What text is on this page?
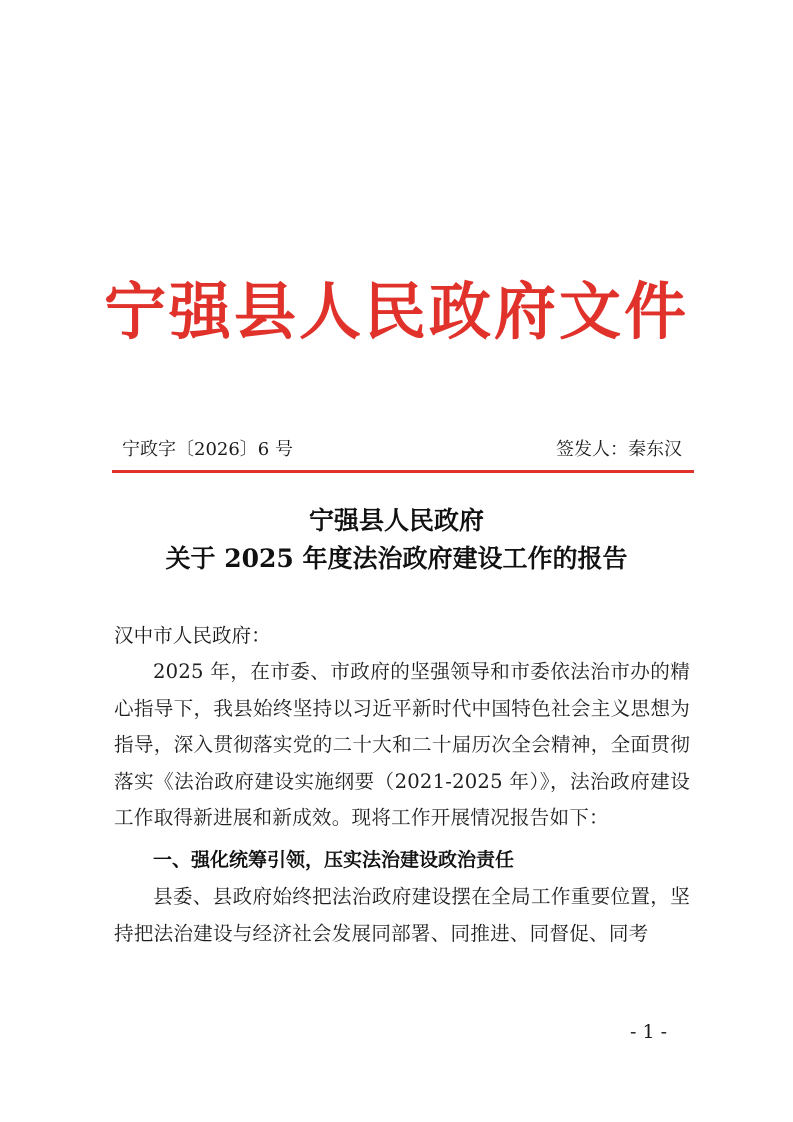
宁强县人民政府文件
宁政字〔2026〕6 号	签发人：秦东汉
宁强县人民政府
关于 2025 年度法治政府建设工作的报告
汉中市人民政府：
2025 年，在市委、市政府的坚强领导和市委依法治市办的精心指导下，我县始终坚持以习近平新时代中国特色社会主义思想为指导，深入贯彻落实党的二十大和二十届历次全会精神，全面贯彻落实《法治政府建设实施纲要（2021-2025 年）》，法治政府建设工作取得新进展和新成效。现将工作开展情况报告如下：
一、强化统筹引领，压实法治建设政治责任
县委、县政府始终把法治政府建设摆在全局工作重要位置，坚持把法治建设与经济社会发展同部署、同推进、同督促、同考
- 1 -
